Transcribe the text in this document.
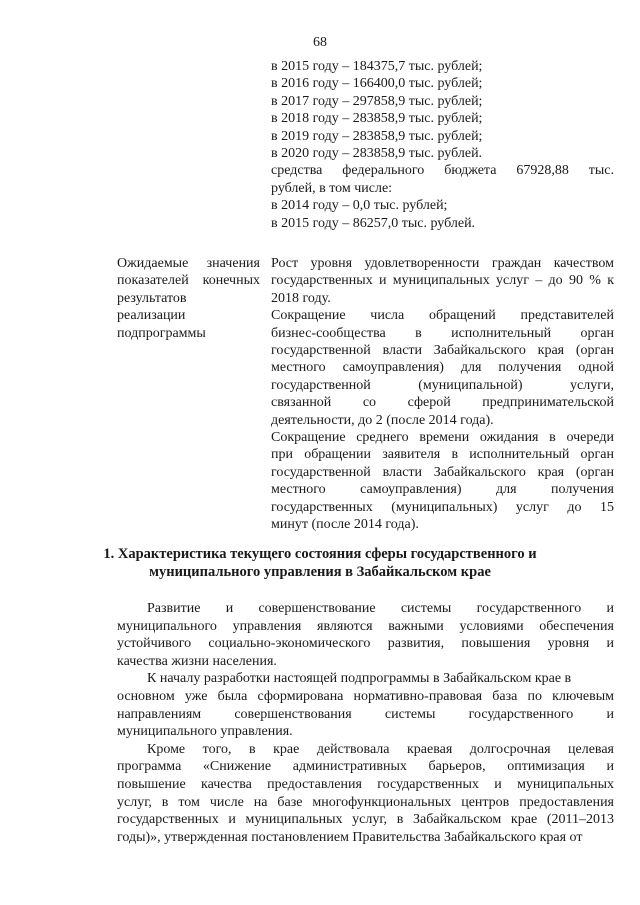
68
в 2015 году – 184375,7 тыс. рублей;
в 2016 году – 166400,0 тыс. рублей;
в 2017 году – 297858,9 тыс. рублей;
в 2018 году – 283858,9 тыс. рублей;
в 2019 году – 283858,9 тыс. рублей;
в 2020 году – 283858,9 тыс. рублей.
средства федерального бюджета 67928,88 тыс.
рублей, в том числе:
в 2014 году – 0,0 тыс. рублей;
в 2015 году – 86257,0 тыс. рублей.
Ожидаемые значения
показателей конечных
результатов
реализации
подпрограммы
Рост уровня удовлетворенности граждан качеством
государственных и муниципальных услуг – до 90 % к
2018 году.
Сокращение числа обращений представителей
бизнес-сообщества в исполнительный орган
государственной власти Забайкальского края (орган
местного самоуправления) для получения одной
государственной (муниципальной) услуги,
связанной со сферой предпринимательской
деятельности, до 2 (после 2014 года).
Сокращение среднего времени ожидания в очереди
при обращении заявителя в исполнительный орган
государственной власти Забайкальского края (орган
местного самоуправления) для получения
государственных (муниципальных) услуг до 15
минут (после 2014 года).
1. Характеристика текущего состояния сферы государственного и
муниципального управления в Забайкальском крае
Развитие и совершенствование системы государственного и
муниципального управления являются важными условиями обеспечения
устойчивого социально-экономического развития, повышения уровня и
качества жизни населения.
К началу разработки настоящей подпрограммы в Забайкальском крае в
основном уже была сформирована нормативно-правовая база по ключевым
направлениям совершенствования системы государственного и
муниципального управления.
Кроме того, в крае действовала краевая долгосрочная целевая
программа «Снижение административных барьеров, оптимизация и
повышение качества предоставления государственных и муниципальных
услуг, в том числе на базе многофункциональных центров предоставления
государственных и муниципальных услуг, в Забайкальском крае (2011–2013
годы)», утвержденная постановлением Правительства Забайкальского края от
